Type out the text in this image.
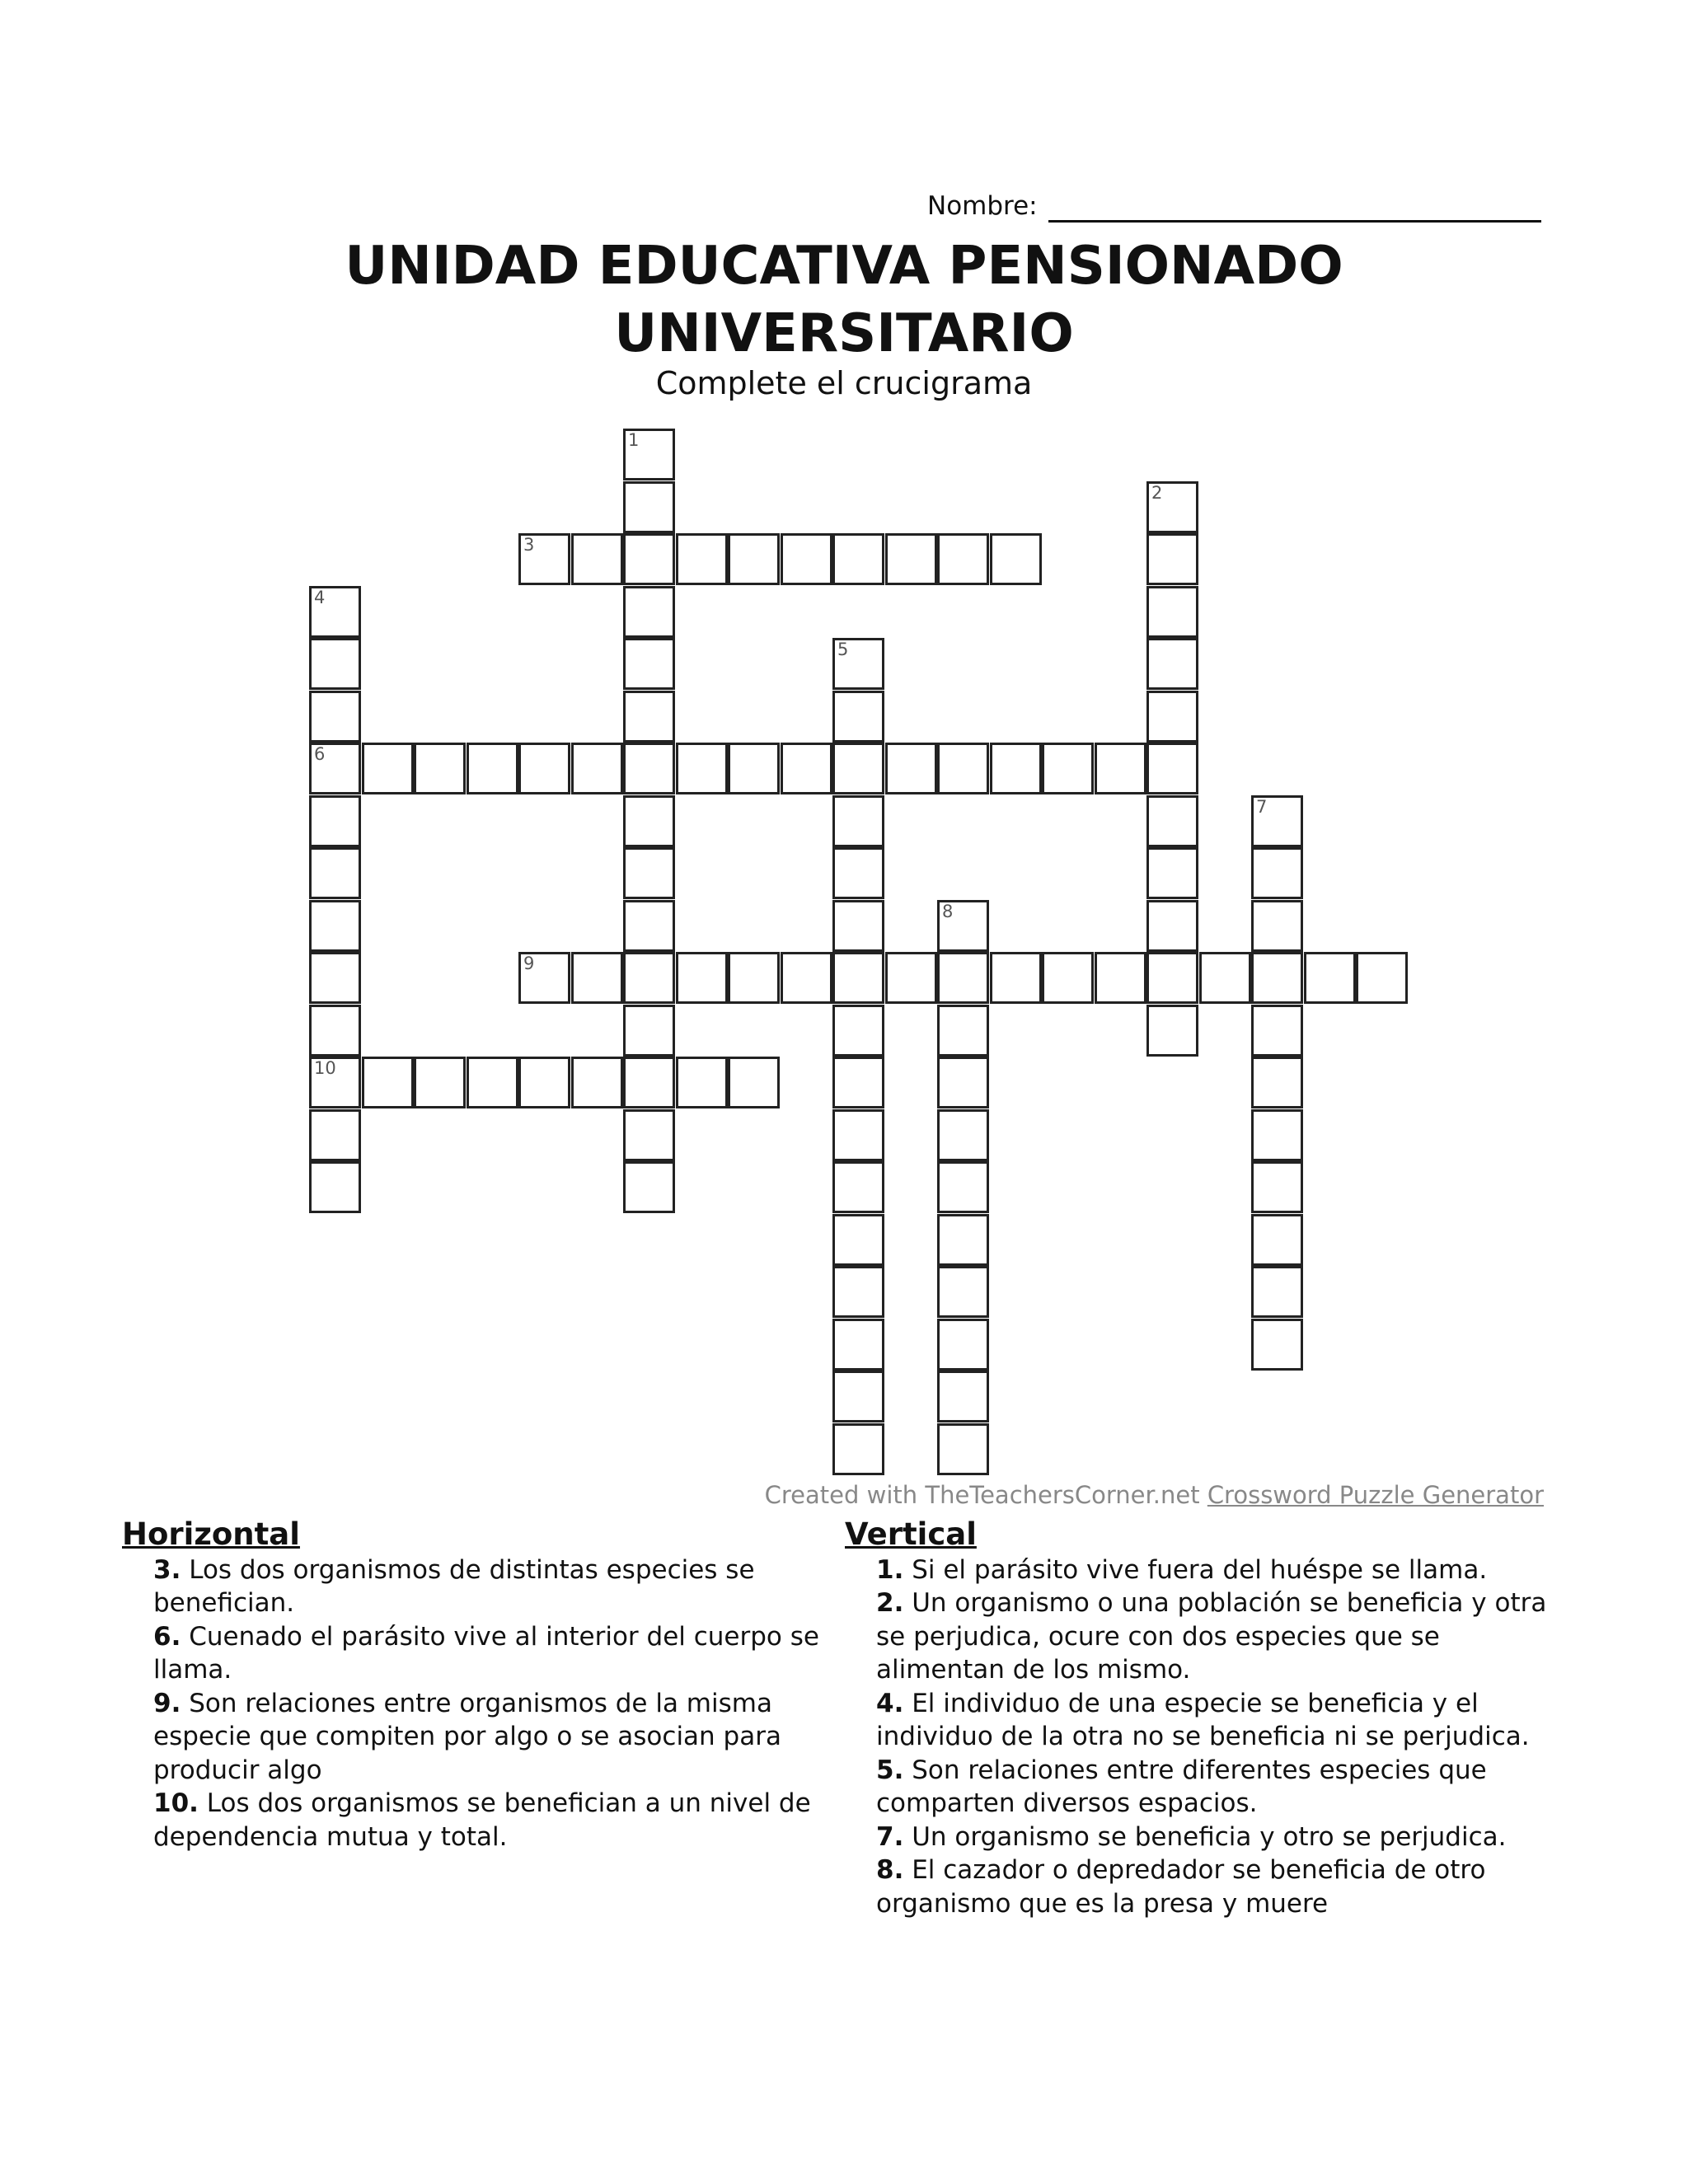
Nombre:
UNIDAD EDUCATIVA PENSIONADO
UNIVERSITARIO
Complete el crucigrama
1
2
3
4
6
10
5
7
8
9
Created with TheTeachersCorner.net Crossword Puzzle Generator
Horizontal
3. Los dos organismos de distintas especies se benefician.
6. Cuenado el parásito vive al interior del cuerpo se llama.
9. Son relaciones entre organismos de la misma especie que compiten por algo o se asocian para producir algo
10. Los dos organismos se benefician a un nivel de dependencia mutua y total.
Vertical
1. Si el parásito vive fuera del huéspe se llama.
2. Un organismo o una población se beneficia y otra se perjudica, ocure con dos especies que se alimentan de los mismo.
4. El individuo de una especie se beneficia y el individuo de la otra no se beneficia ni se perjudica.
5. Son relaciones entre diferentes especies que comparten diversos espacios.
7. Un organismo se beneficia y otro se perjudica.
8. El cazador o depredador se beneficia de otro organismo que es la presa y muere
